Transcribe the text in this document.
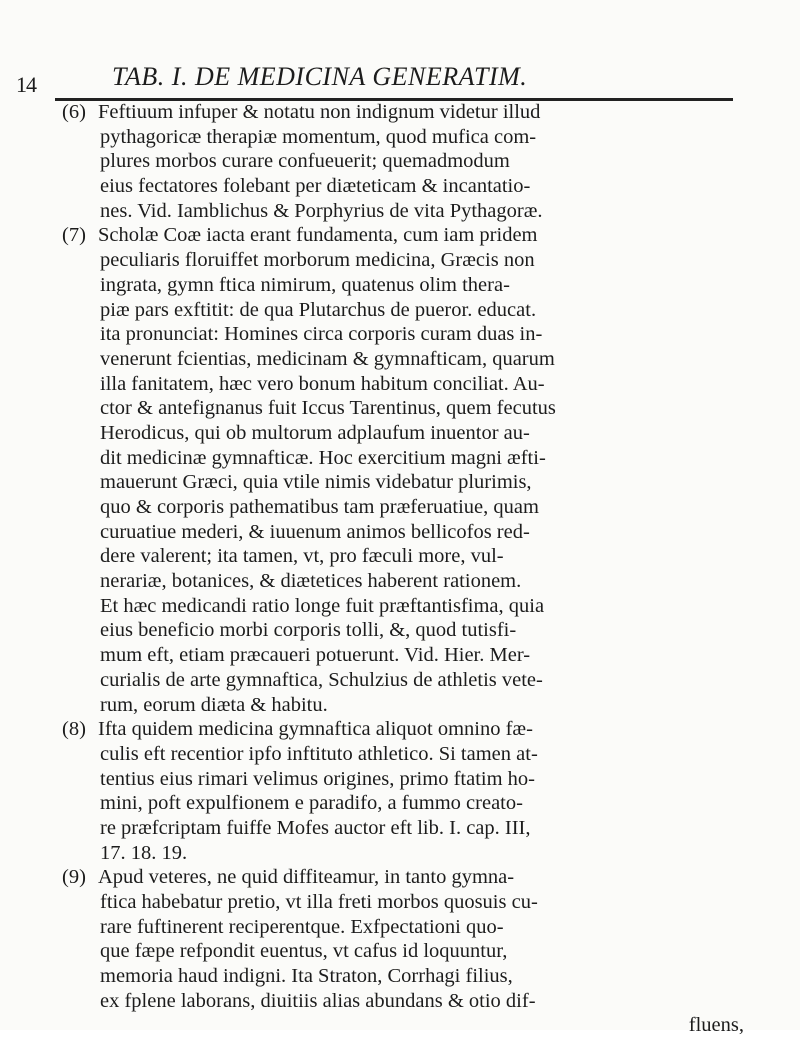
14	TAB. I. DE MEDICINA GENERATIM.
(6) Feftiuum infuper & notatu non indignum videtur illud
pythagoricæ therapiæ momentum, quod mufica com-
plures morbos curare confueuerit; quemadmodum
eius fectatores folebant per diæteticam & incantatio-
nes. Vid. Iamblichus & Porphyrius de vita Pythagoræ.
(7) Scholæ Coæ iacta erant fundamenta, cum iam pridem
peculiaris floruiffet morborum medicina, Græcis non
ingrata, gymn ftica nimirum, quatenus olim thera-
piæ pars exftitit: de qua Plutarchus de pueror. educat.
ita pronunciat: Homines circa corporis curam duas in-
venerunt fcientias, medicinam & gymnafticam, quarum
illa fanitatem, hæc vero bonum habitum conciliat. Au-
ctor & antefignanus fuit Iccus Tarentinus, quem fecutus
Herodicus, qui ob multorum adplaufum inuentor au-
dit medicinæ gymnafticæ. Hoc exercitium magni æfti-
mauerunt Græci, quia vtile nimis videbatur plurimis,
quo & corporis pathematibus tam præferuatiue, quam
curuatiue mederi, & iuuenum animos bellicofos red-
dere valerent; ita tamen, vt, pro fæculi more, vul-
nerariæ, botanices, & diætetices haberent rationem.
Et hæc medicandi ratio longe fuit præftantisfima, quia
eius beneficio morbi corporis tolli, &, quod tutisfi-
mum eft, etiam præcaueri potuerunt. Vid. Hier. Mer-
curialis de arte gymnaftica, Schulzius de athletis vete-
rum, eorum diæta & habitu.
(8) Ifta quidem medicina gymnaftica aliquot omnino fæ-
culis eft recentior ipfo inftituto athletico. Si tamen at-
tentius eius rimari velimus origines, primo ftatim ho-
mini, poft expulfionem e paradifo, a fummo creato-
re præfcriptam fuiffe Mofes auctor eft lib. I. cap. III,
17. 18. 19.
(9) Apud veteres, ne quid diffiteamur, in tanto gymna-
ftica habebatur pretio, vt illa freti morbos quosuis cu-
rare fuftinerent reciperentque. Exfpectationi quo-
que fæpe refpondit euentus, vt cafus id loquuntur,
memoria haud indigni. Ita Straton, Corrhagi filius,
ex fplene laborans, diuitiis alias abundans & otio dif-
fluens,
